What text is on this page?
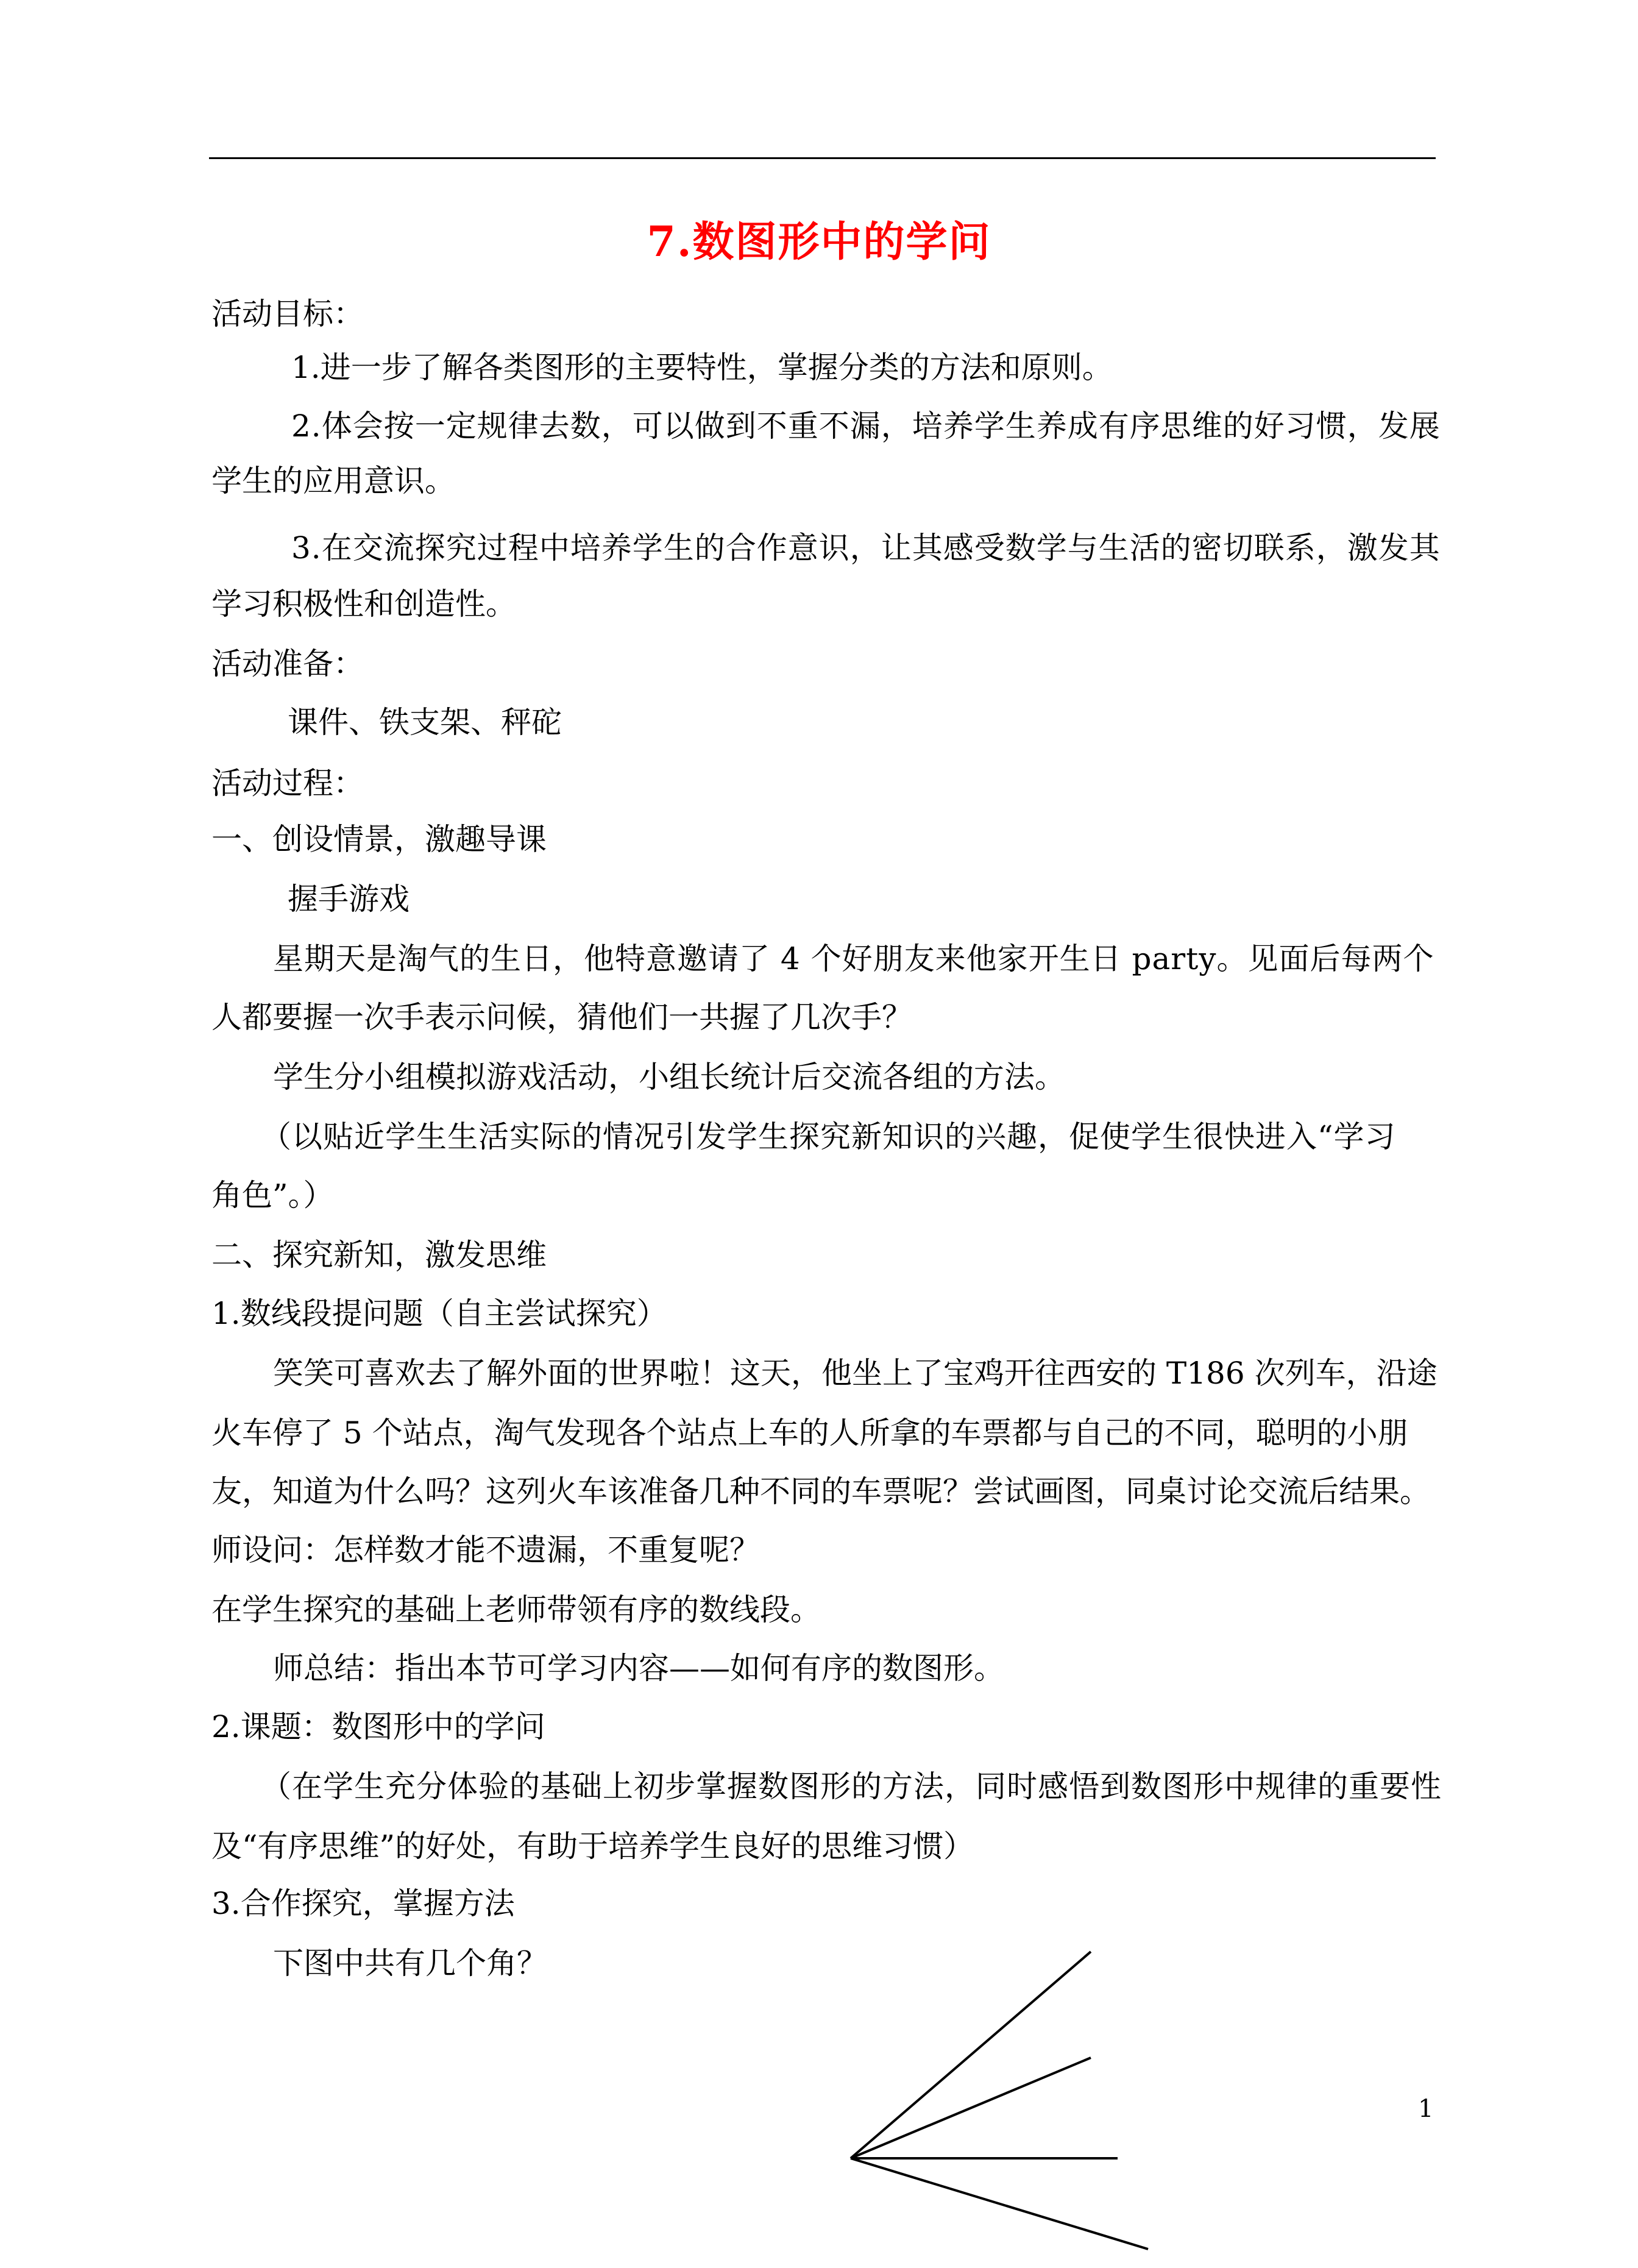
7.数图形中的学问
活动目标：
1.进一步了解各类图形的主要特性，掌握分类的方法和原则。
2.体会按一定规律去数，可以做到不重不漏，培养学生养成有序思维的好习惯，发展
学生的应用意识。
3.在交流探究过程中培养学生的合作意识，让其感受数学与生活的密切联系，激发其
学习积极性和创造性。
活动准备：
课件、铁支架、秤砣
活动过程：
一、创设情景，激趣导课
握手游戏
星期天是淘气的生日，他特意邀请了 4 个好朋友来他家开生日 party。见面后每两个
人都要握一次手表示问候，猜他们一共握了几次手？
学生分小组模拟游戏活动，小组长统计后交流各组的方法。
（以贴近学生生活实际的情况引发学生探究新知识的兴趣，促使学生很快进入“学习
角色”。）
二、探究新知，激发思维
1.数线段提问题（自主尝试探究）
笑笑可喜欢去了解外面的世界啦！这天，他坐上了宝鸡开往西安的 T186 次列车，沿途
火车停了 5 个站点，淘气发现各个站点上车的人所拿的车票都与自己的不同，聪明的小朋
友，知道为什么吗？这列火车该准备几种不同的车票呢？尝试画图，同桌讨论交流后结果。
师设问：怎样数才能不遗漏，不重复呢？
在学生探究的基础上老师带领有序的数线段。
师总结：指出本节可学习内容——如何有序的数图形。
2.课题：数图形中的学问
（在学生充分体验的基础上初步掌握数图形的方法，同时感悟到数图形中规律的重要性
及“有序思维”的好处，有助于培养学生良好的思维习惯）
3.合作探究，掌握方法
下图中共有几个角？
1
